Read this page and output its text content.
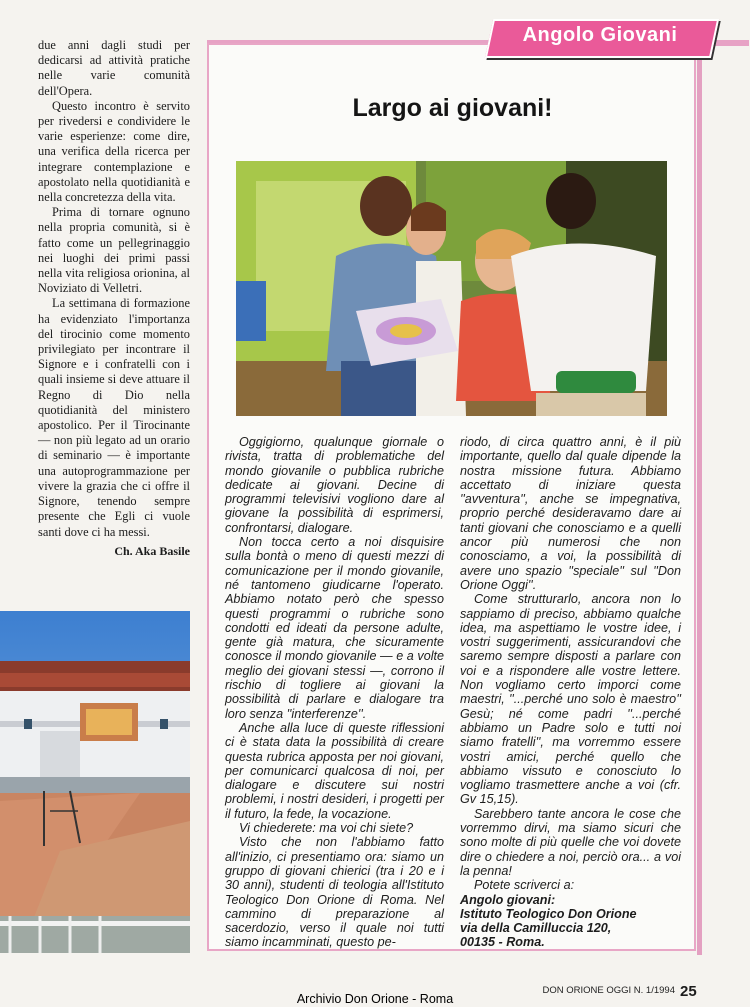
due anni dagli studi per dedicarsi ad attività pratiche nelle varie comunità dell'Opera.

Questo incontro è servito per rivedersi e condividere le varie esperienze: come dire, una verifica della ricerca per integrare contemplazione e apostolato nella quotidianità e nella concretezza della vita.

Prima di tornare ognuno nella propria comunità, si è fatto come un pellegrinaggio nei luoghi dei primi passi nella vita religiosa orionina, al Noviziato di Velletri.

La settimana di formazione ha evidenziato l'importanza del tirocinio come momento privilegiato per incontrare il Signore e i confratelli con i quali insieme si deve attuare il Regno di Dio nella quotidianità del ministero apostolico. Per il Tirocinante — non più legato ad un orario di seminario — è importante una autoprogrammazione per vivere la grazia che ci offre il Signore, tenendo sempre presente che Egli ci vuole santi dove ci ha messi.

Ch. Aka Basile
Angolo Giovani
Largo ai giovani!

Oggigiorno, qualunque giornale o rivista, tratta di problematiche del mondo giovanile o pubblica rubriche dedicate ai giovani. Decine di programmi televisivi vogliono dare al giovane la possibilità di esprimersi, confrontarsi, dialogare.

Non tocca certo a noi disquisire sulla bontà o meno di questi mezzi di comunicazione per il mondo giovanile, né tantomeno giudicarne l'operato. Abbiamo notato però che spesso questi programmi o rubriche sono condotti ed ideati da persone adulte, gente già matura, che sicuramente conosce il mondo giovanile — e a volte meglio dei giovani stessi —, corrono il rischio di togliere ai giovani la possibilità di parlare e dialogare tra loro senza ''interferenze''.

Anche alla luce di queste riflessioni ci è stata data la possibilità di creare questa rubrica apposta per noi giovani, per comunicarci qualcosa di noi, per dialogare e discutere sui nostri problemi, i nostri desideri, i progetti per il futuro, la fede, la vocazione.

Vi chiederete: ma voi chi siete?

Visto che non l'abbiamo fatto all'inizio, ci presentiamo ora: siamo un gruppo di giovani chierici (tra i 20 e i 30 anni), studenti di teologia all'Istituto Teologico Don Orione di Roma. Nel cammino di preparazione al sacerdozio, verso il quale noi tutti siamo incamminati, questo pe-

riodo, di circa quattro anni, è il più importante, quello dal quale dipende la nostra missione futura. Abbiamo accettato di iniziare questa ''avventura'', anche se impegnativa, proprio perché desideravamo dare ai tanti giovani che conosciamo e a quelli ancor più numerosi che non conosciamo, a voi, la possibilità di avere uno spazio ''speciale'' sul ''Don Orione Oggi''.

Come strutturarlo, ancora non lo sappiamo di preciso, abbiamo qualche idea, ma aspettiamo le vostre idee, i vostri suggerimenti, assicurandovi che saremo sempre disposti a parlare con voi e a rispondere alle vostre lettere. Non vogliamo certo imporci come maestri, ''...perché uno solo è maestro'' Gesù; né come padri ''...perché abbiamo un Padre solo e tutti noi siamo fratelli'', ma vorremmo essere vostri amici, perché quello che abbiamo vissuto e conosciuto lo vogliamo trasmettere anche a voi (cfr. Gv 15,15).

Sarebbero tante ancora le cose che vorremmo dirvi, ma siamo sicuri che sono molte di più quelle che voi dovete dire o chiedere a noi, perciò ora... a voi la penna!

Potete scriverci a:

Angolo giovani:
Istituto Teologico Don Orione
via della Camilluccia 120,
00135 - Roma.
DON ORIONE OGGI N. 1/1994 25
Archivio Don Orione - Roma
